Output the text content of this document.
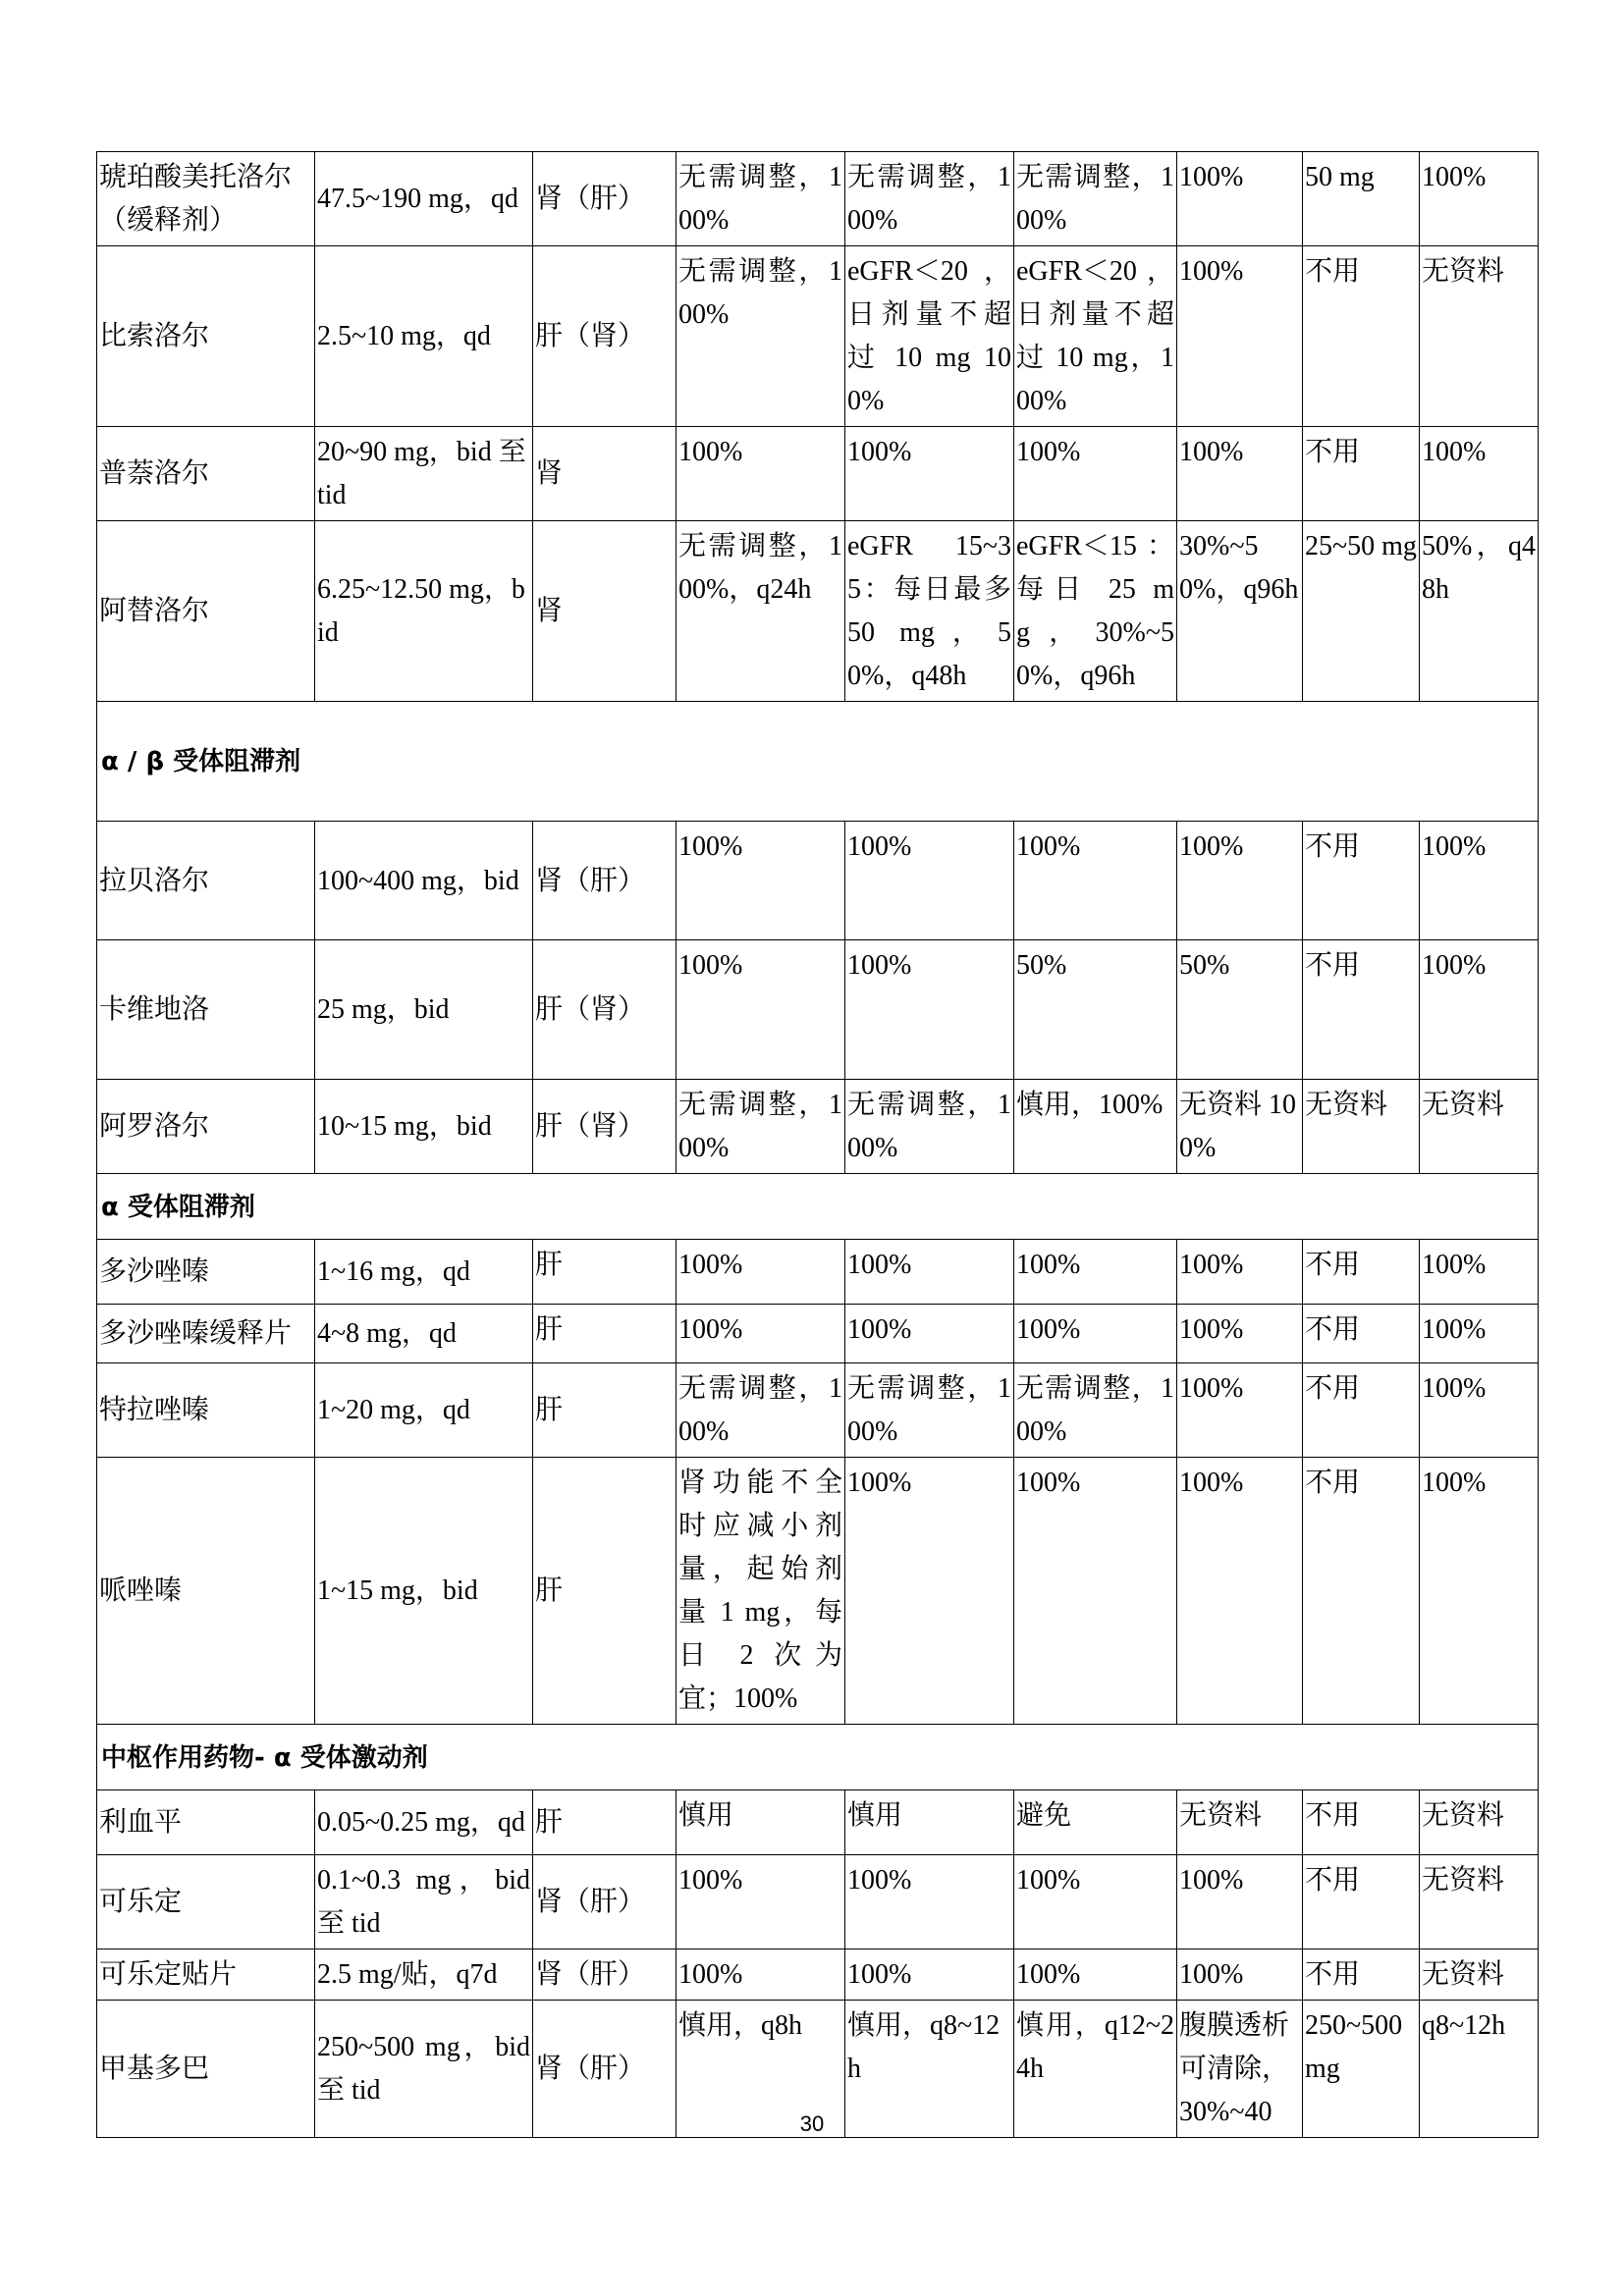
琥珀酸美托洛尔（缓释剂）	47.5~190 mg，qd	肾（肝）	无需调整，100%	无需调整，100%	无需调整，100%	100%	50 mg	100%
比索洛尔	2.5~10 mg，qd	肝（肾）	无需调整，100%	eGFR＜20，日剂量不超过 10 mg 100%	eGFR＜20，日剂量不超过 10 mg，100%	100%	不用	无资料
普萘洛尔	20~90 mg，bid 至 tid	肾	100%	100%	100%	100%	不用	100%
阿替洛尔	6.25~12.50 mg，bid	肾	无需调整，100%，q24h	eGFR 15~35：每日最多 50 mg，50%，q48h	eGFR＜15：每日 25 mg，30%~50%，q96h	30%~50%，q96h	25~50 mg	50%，q48h
α / β 受体阻滞剂								
拉贝洛尔	100~400 mg，bid	肾（肝）	100%	100%	100%	100%	不用	100%
卡维地洛	25 mg，bid	肝（肾）	100%	100%	50%	50%	不用	100%
阿罗洛尔	10~15 mg，bid	肝（肾）	无需调整，100%	无需调整，100%	慎用，100%	无资料 100%	无资料	无资料
α 受体阻滞剂								
多沙唑嗪	1~16 mg，qd	肝	100%	100%	100%	100%	不用	100%
多沙唑嗪缓释片	4~8 mg，qd	肝	100%	100%	100%	100%	不用	100%
特拉唑嗪	1~20 mg，qd	肝	无需调整，100%	无需调整，100%	无需调整，100%	100%	不用	100%
哌唑嗪	1~15 mg，bid	肝	肾功能不全时应减小剂量，起始剂量 1 mg，每日 2 次为宜；100%	100%	100%	100%	不用	100%
中枢作用药物- α 受体激动剂								
利血平	0.05~0.25 mg，qd	肝	慎用	慎用	避免	无资料	不用	无资料
可乐定	0.1~0.3 mg，bid 至 tid	肾（肝）	100%	100%	100%	100%	不用	无资料
可乐定贴片	2.5 mg/贴，q7d	肾（肝）	100%	100%	100%	100%	不用	无资料
甲基多巴	250~500 mg，bid 至 tid	肾（肝）	慎用，q8h	慎用，q8~12h	慎用，q12~24h	腹膜透析可清除，30%~40	250~500 mg	q8~12h
30
